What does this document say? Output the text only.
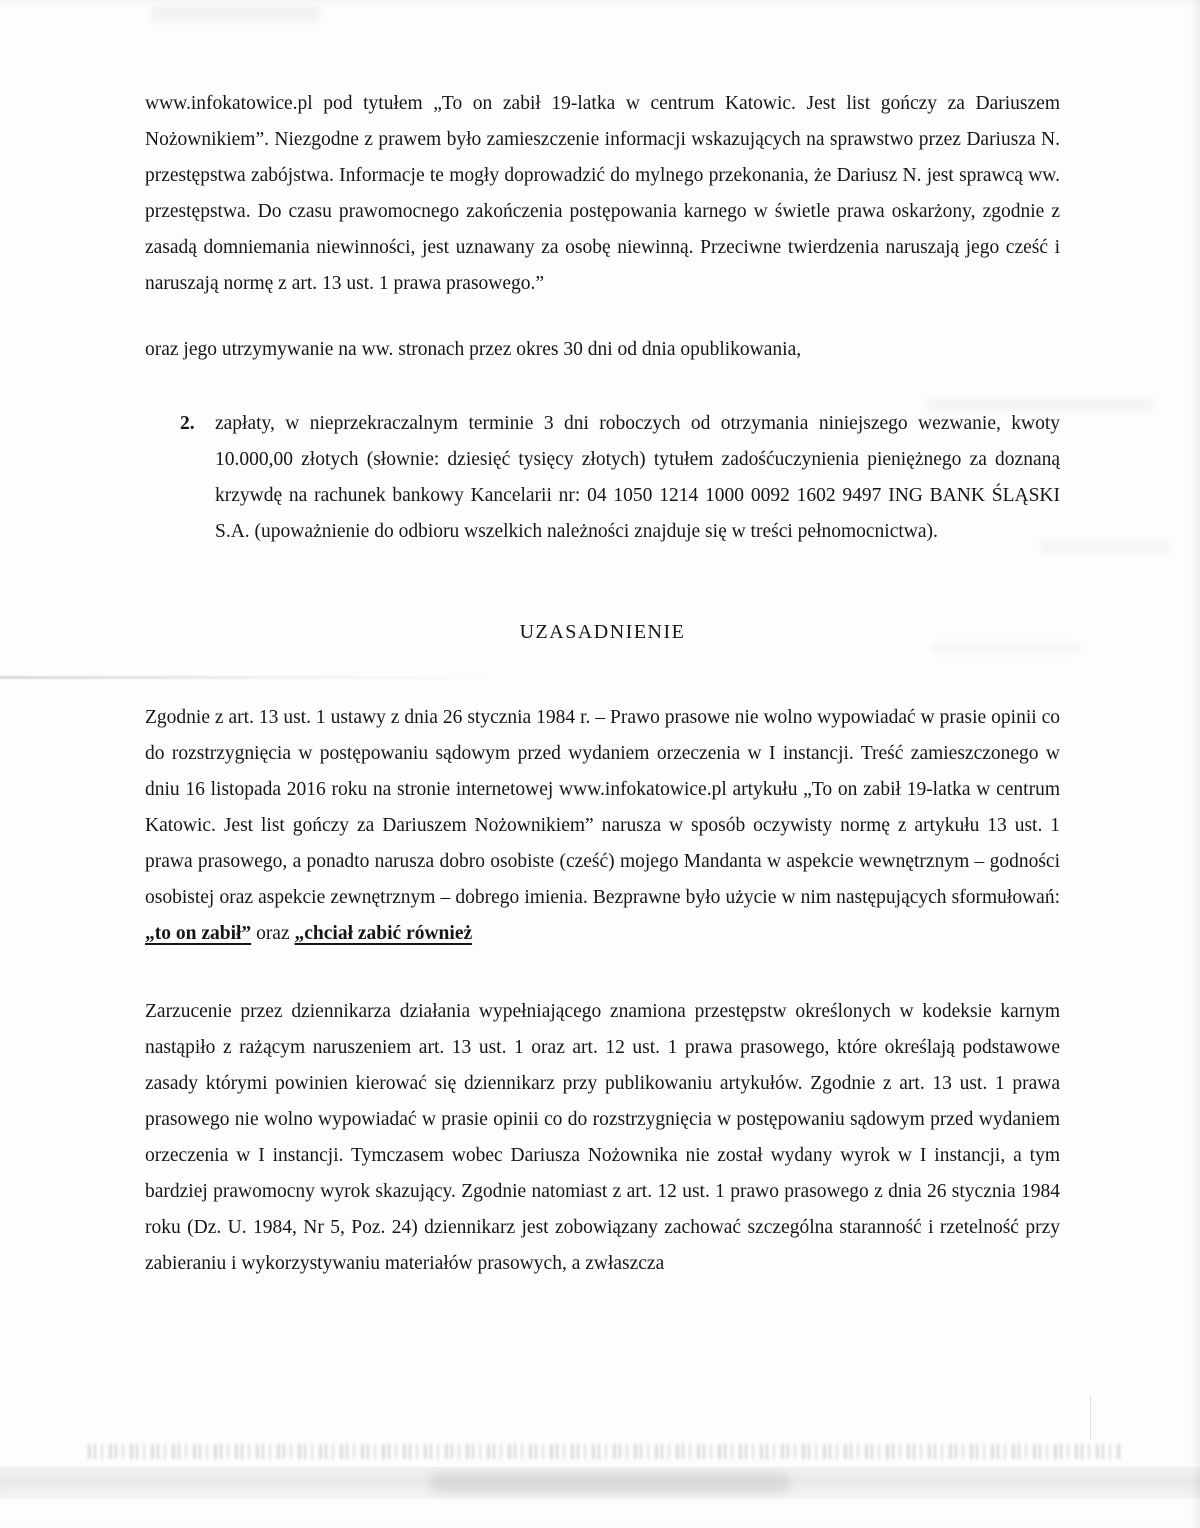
www.infokatowice.pl pod tytułem „To on zabił 19-latka w centrum Katowic. Jest list gończy za Dariuszem Nożownikiem”. Niezgodne z prawem było zamieszczenie informacji wskazujących na sprawstwo przez Dariusza N. przestępstwa zabójstwa. Informacje te mogły doprowadzić do mylnego przekonania, że Dariusz N. jest sprawcą ww. przestępstwa. Do czasu prawomocnego zakończenia postępowania karnego w świetle prawa oskarżony, zgodnie z zasadą domniemania niewinności, jest uznawany za osobę niewinną. Przeciwne twierdzenia naruszają jego cześć i naruszają normę z art. 13 ust. 1 prawa prasowego.”

oraz jego utrzymywanie na ww. stronach przez okres 30 dni od dnia opublikowania,

2.	zapłaty, w nieprzekraczalnym terminie 3 dni roboczych od otrzymania niniejszego wezwanie, kwoty 10.000,00 złotych (słownie: dziesięć tysięcy złotych) tytułem zadośćuczynienia pieniężnego za doznaną krzywdę na rachunek bankowy Kancelarii nr: 04 1050 1214 1000 0092 1602 9497 ING BANK ŚLĄSKI S.A. (upoważnienie do odbioru wszelkich należności znajduje się w treści pełnomocnictwa).
UZASADNIENIE

Zgodnie z art. 13 ust. 1 ustawy z dnia 26 stycznia 1984 r. – Prawo prasowe nie wolno wypowiadać w prasie opinii co do rozstrzygnięcia w postępowaniu sądowym przed wydaniem orzeczenia w I instancji. Treść zamieszczonego w dniu 16 listopada 2016 roku na stronie internetowej www.infokatowice.pl artykułu „To on zabił 19-latka w centrum Katowic. Jest list gończy za Dariuszem Nożownikiem” narusza w sposób oczywisty normę z artykułu 13 ust. 1 prawa prasowego, a ponadto narusza dobro osobiste (cześć) mojego Mandanta w aspekcie wewnętrznym – godności osobistej oraz aspekcie zewnętrznym – dobrego imienia. Bezprawne było użycie w nim następujących sformułowań: „to on zabił” oraz „chciał zabić również

Zarzucenie przez dziennikarza działania wypełniającego znamiona przestępstw określonych w kodeksie karnym nastąpiło z rażącym naruszeniem art. 13 ust. 1 oraz art. 12 ust. 1 prawa prasowego, które określają podstawowe zasady którymi powinien kierować się dziennikarz przy publikowaniu artykułów. Zgodnie z art. 13 ust. 1 prawa prasowego nie wolno wypowiadać w prasie opinii co do rozstrzygnięcia w postępowaniu sądowym przed wydaniem orzeczenia w I instancji. Tymczasem wobec Dariusza Nożownika nie został wydany wyrok w I instancji, a tym bardziej prawomocny wyrok skazujący. Zgodnie natomiast z art. 12 ust. 1 prawo prasowego z dnia 26 stycznia 1984 roku (Dz. U. 1984, Nr 5, Poz. 24) dziennikarz jest zobowiązany zachować szczególna staranność i rzetelność przy zabieraniu i wykorzystywaniu materiałów prasowych, a zwłaszcza
